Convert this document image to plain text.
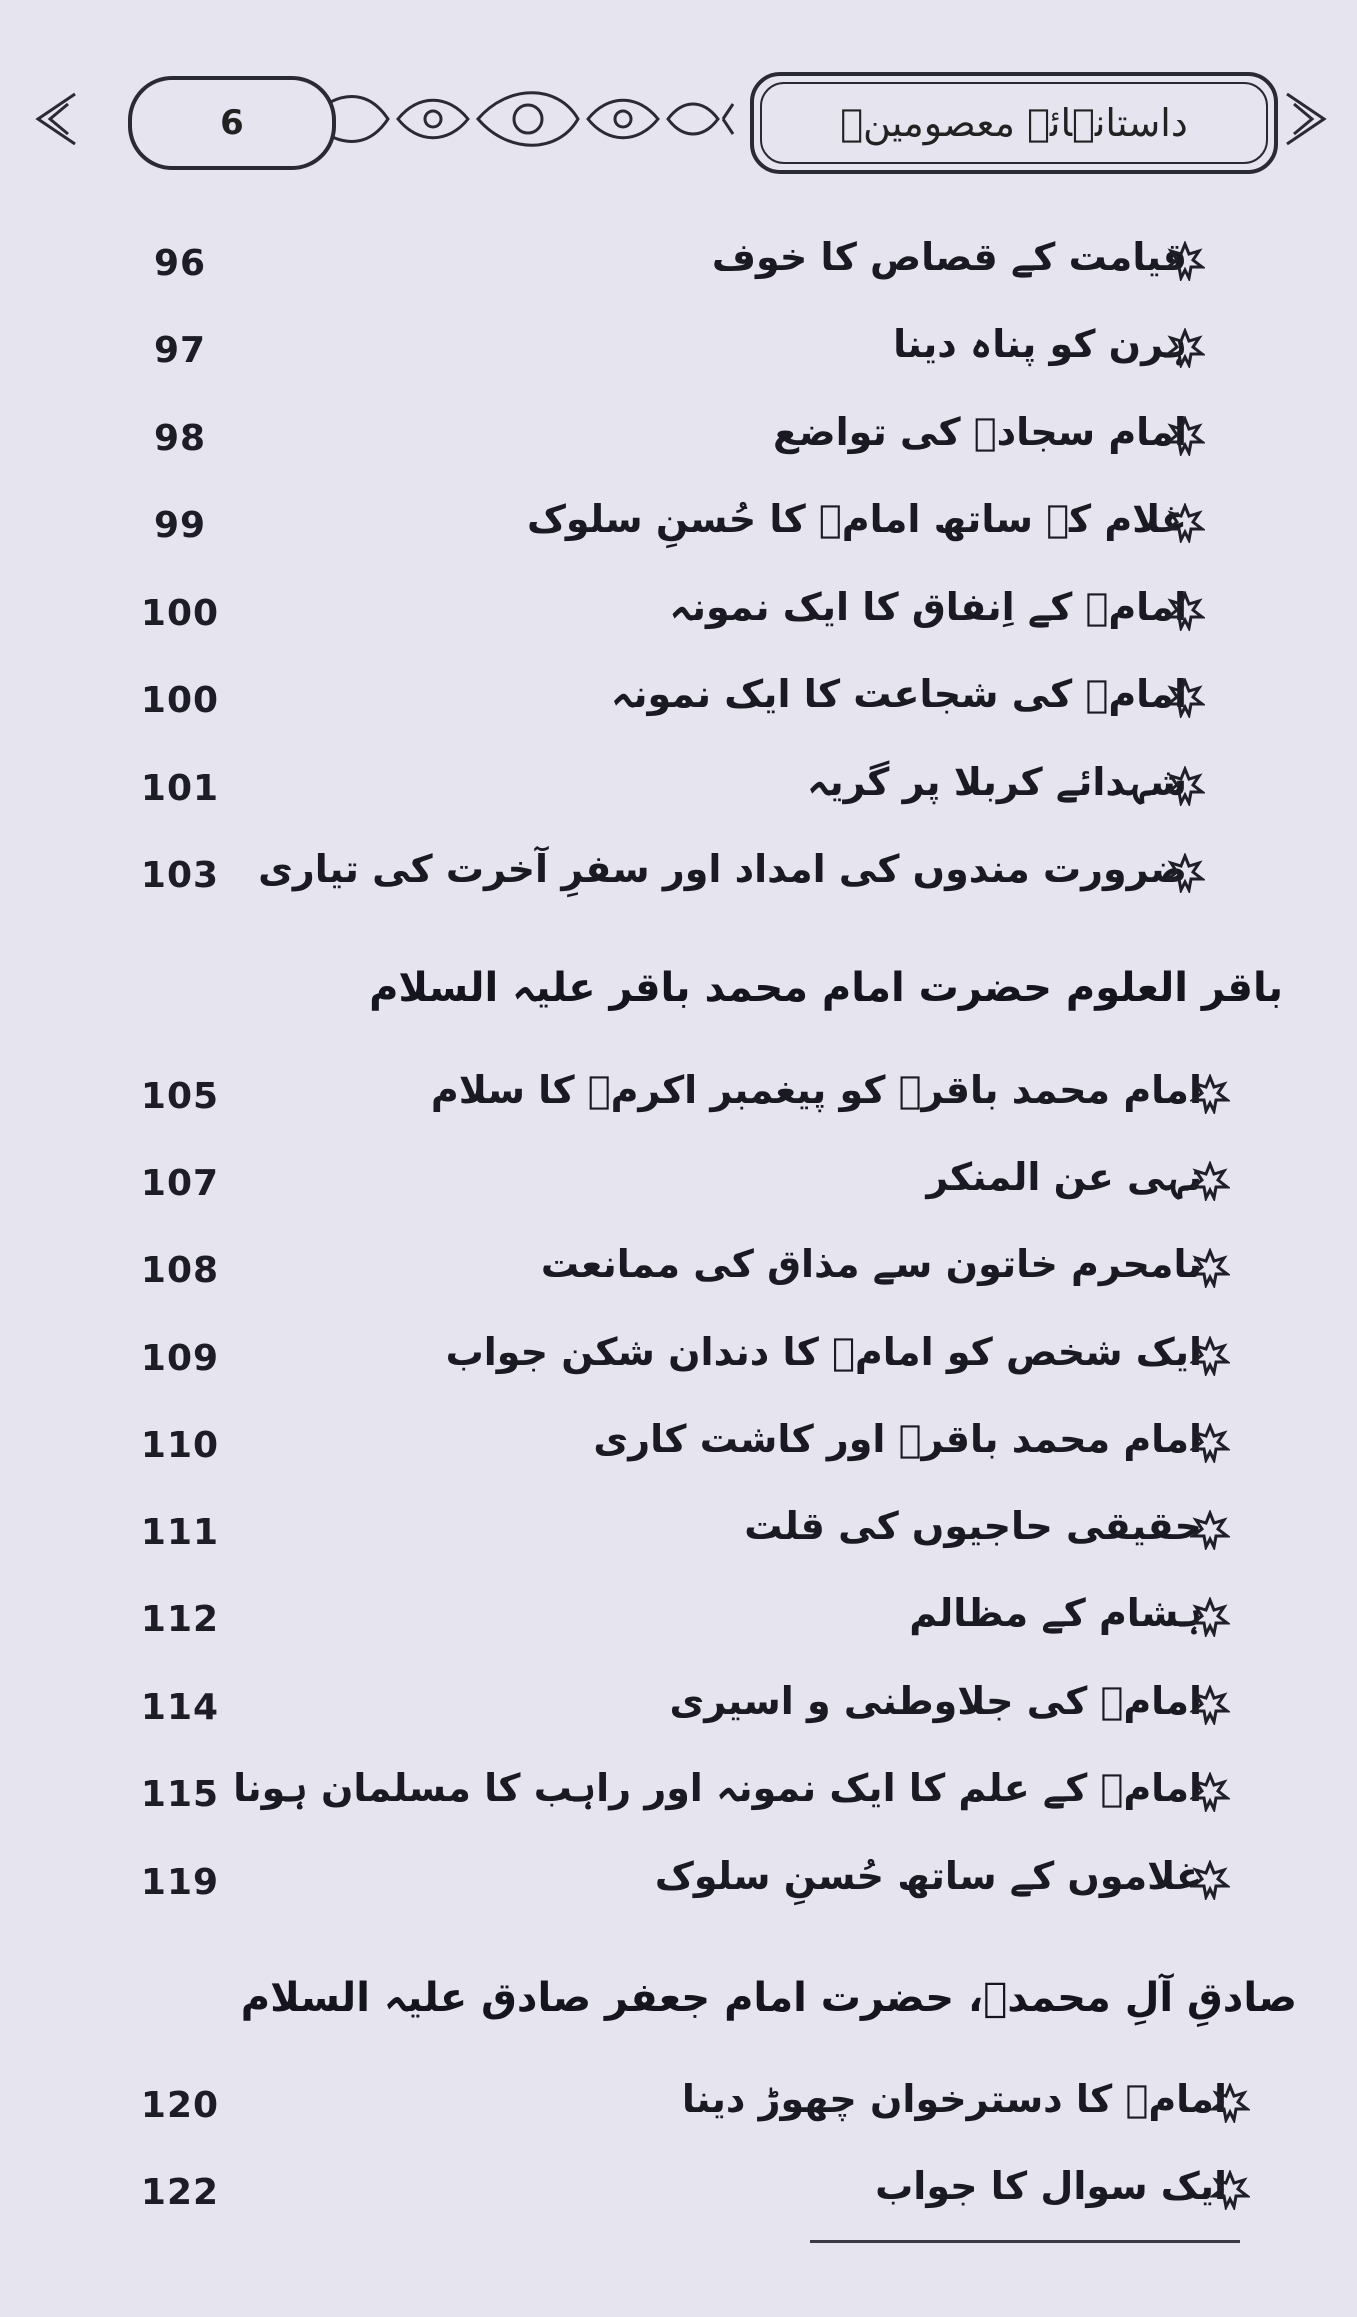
6	داستانہائے معصومینؑ
96	قیامت کے قصاص کا خوف
97	ہرن کو پناہ دینا
98	امام سجادؑ کی تواضع
99	غلام کے ساتھ امامؑ کا حُسنِ سلوک
100	امامؑ کے اِنفاق کا ایک نمونہ
100	امامؑ کی شجاعت کا ایک نمونہ
101	شہدائے کربلا پر گریہ
103	ضرورت مندوں کی امداد اور سفرِ آخرت کی تیاری
باقر العلوم حضرت امام محمد باقر علیہ السلام
105	امام محمد باقرؑ کو پیغمبر اکرمؐ کا سلام
107	نہی عن المنکر
108	نامحرم خاتون سے مذاق کی ممانعت
109	ایک شخص کو امامؑ کا دندان شکن جواب
110	امام محمد باقرؑ اور کاشت کاری
111	حقیقی حاجیوں کی قلت
112	ہشام کے مظالم
114	امامؑ کی جلاوطنی و اسیری
115 امامؑ کے علم کا ایک نمونہ اور راہب کا مسلمان ہونا
119	غلاموں کے ساتھ حُسنِ سلوک
صادقِ آلِ محمدؐ، حضرت امام جعفر صادق علیہ السلام
120	امامؑ کا دسترخوان چھوڑ دینا
122	ایک سوال کا جواب
